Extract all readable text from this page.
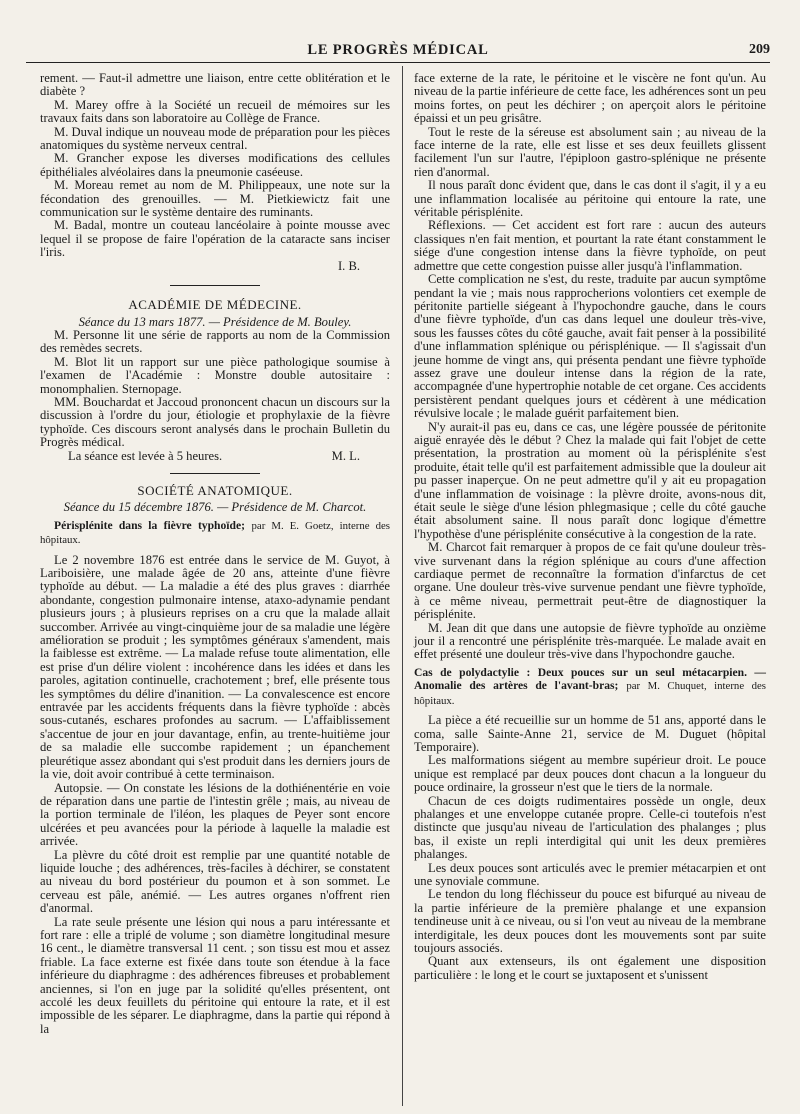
LE PROGRÈS MÉDICAL	209

rement. — Faut-il admettre une liaison, entre cette oblitération et le diabète ?

M. Marey offre à la Société un recueil de mémoires sur les travaux faits dans son laboratoire au Collège de France.

M. Duval indique un nouveau mode de préparation pour les pièces anatomiques du système nerveux central.

M. Grancher expose les diverses modifications des cellules épithéliales alvéolaires dans la pneumonie caséeuse.

M. Moreau remet au nom de M. Philippeaux, une note sur la fécondation des grenouilles. — M. Pietkiewictz fait une communication sur le système dentaire des ruminants.

M. Badal, montre un couteau lancéolaire à pointe mousse avec lequel il se propose de faire l'opération de la cataracte sans inciser l'iris.

I. B.

ACADÉMIE DE MÉDECINE.

Séance du 13 mars 1877. — Présidence de M. Bouley.

M. Personne lit une série de rapports au nom de la Commission des remèdes secrets.

M. Blot lit un rapport sur une pièce pathologique soumise à l'examen de l'Académie : Monstre double autositaire : monomphalien. Sternopage.

MM. Bouchardat et Jaccoud prononcent chacun un discours sur la discussion à l'ordre du jour, étiologie et prophylaxie de la fièvre typhoïde. Ces discours seront analysés dans le prochain Bulletin du Progrès médical.

La séance est levée à 5 heures.	M. L.

SOCIÉTÉ ANATOMIQUE.

Séance du 15 décembre 1876. — Présidence de M. Charcot.

Périsplénite dans la fièvre typhoïde; par M. E. Goetz, interne des hôpitaux.

Le 2 novembre 1876 est entrée dans le service de M. Guyot, à Lariboisière, une malade âgée de 20 ans, atteinte d'une fièvre typhoïde au début. — La maladie a été des plus graves : diarrhée abondante, congestion pulmonaire intense, ataxo-adynamie pendant plusieurs jours ; à plusieurs reprises on a cru que la malade allait succomber. Arrivée au vingt-cinquième jour de sa maladie une légère amélioration se produit ; les symptômes généraux s'amendent, mais la faiblesse est extrême. — La malade refuse toute alimentation, elle est prise d'un délire violent : incohérence dans les idées et dans les paroles, agitation continuelle, crachotement ; bref, elle présente tous les symptômes du délire d'inanition. — La convalescence est encore entravée par les accidents fréquents dans la fièvre typhoïde : abcès sous-cutanés, eschares profondes au sacrum. — L'affaiblissement s'accentue de jour en jour davantage, enfin, au trente-huitième jour de sa maladie elle succombe rapidement ; un épanchement pleurétique assez abondant qui s'est produit dans les derniers jours de la vie, doit avoir contribué à cette terminaison.

Autopsie. — On constate les lésions de la dothiénentérie en voie de réparation dans une partie de l'intestin grêle ; mais, au niveau de la portion terminale de l'iléon, les plaques de Peyer sont encore ulcérées et peu avancées pour la période à laquelle la maladie est arrivée.

La plèvre du côté droit est remplie par une quantité notable de liquide louche ; des adhérences, très-faciles à déchirer, se constatent au niveau du bord postérieur du poumon et à son sommet. Le cerveau est pâle, anémié. — Les autres organes n'offrent rien d'anormal.

La rate seule présente une lésion qui nous a paru intéressante et fort rare : elle a triplé de volume ; son diamètre longitudinal mesure 16 cent., le diamètre transversal 11 cent. ; son tissu est mou et assez friable. La face externe est fixée dans toute son étendue à la face inférieure du diaphragme : des adhérences fibreuses et probablement anciennes, si l'on en juge par la solidité qu'elles présentent, ont accolé les deux feuillets du péritoine qui entoure la rate, et il est impossible de les séparer. Le diaphragme, dans la partie qui répond à la

face externe de la rate, le péritoine et le viscère ne font qu'un. Au niveau de la partie inférieure de cette face, les adhérences sont un peu moins fortes, on peut les déchirer ; on aperçoit alors le péritoine épaissi et un peu grisâtre.

Tout le reste de la séreuse est absolument sain ; au niveau de la face interne de la rate, elle est lisse et ses deux feuillets glissent facilement l'un sur l'autre, l'épiploon gastro-splénique ne présente rien d'anormal.

Il nous paraît donc évident que, dans le cas dont il s'agit, il y a eu une inflammation localisée au péritoine qui entoure la rate, une véritable périsplénite.

Réflexions. — Cet accident est fort rare : aucun des auteurs classiques n'en fait mention, et pourtant la rate étant constamment le siége d'une congestion intense dans la fièvre typhoïde, on peut admettre que cette congestion puisse aller jusqu'à l'inflammation.

Cette complication ne s'est, du reste, traduite par aucun symptôme pendant la vie ; mais nous rapprocherions volontiers cet exemple de péritonite partielle siégeant à l'hypochondre gauche, dans le cours d'une fièvre typhoïde, d'un cas dans lequel une douleur très-vive, sous les fausses côtes du côté gauche, avait fait penser à la possibilité d'une inflammation splénique ou périsplénique. — Il s'agissait d'un jeune homme de vingt ans, qui présenta pendant une fièvre typhoïde assez grave une douleur intense dans la région de la rate, accompagnée d'une hypertrophie notable de cet organe. Ces accidents persistèrent pendant quelques jours et cédèrent à une médication révulsive locale ; le malade guérit parfaitement bien.

N'y aurait-il pas eu, dans ce cas, une légère poussée de péritonite aiguë enrayée dès le début ? Chez la malade qui fait l'objet de cette présentation, la prostration au moment où la périsplénite s'est produite, était telle qu'il est parfaitement admissible que la douleur ait pu passer inaperçue. On ne peut admettre qu'il y ait eu propagation d'une inflammation de voisinage : la plèvre droite, avons-nous dit, était seule le siège d'une lésion phlegmasique ; celle du côté gauche était absolument saine. Il nous paraît donc logique d'émettre l'hypothèse d'une périsplénite consécutive à la congestion de la rate.

M. Charcot fait remarquer à propos de ce fait qu'une douleur très-vive survenant dans la région splénique au cours d'une affection cardiaque permet de reconnaître la formation d'infarctus de cet organe. Une douleur très-vive survenue pendant une fièvre typhoïde, à ce même niveau, permettrait peut-être de diagnostiquer la périsplénite.

M. Jean dit que dans une autopsie de fièvre typhoïde au onzième jour il a rencontré une périsplénite très-marquée. Le malade avait en effet présenté une douleur très-vive dans l'hypochondre gauche.

Cas de polydactylie : Deux pouces sur un seul métacarpien. — Anomalie des artères de l'avant-bras; par M. Chuquet, interne des hôpitaux.

La pièce a été recueillie sur un homme de 51 ans, apporté dans le coma, salle Sainte-Anne 21, service de M. Duguet (hôpital Temporaire).

Les malformations siégent au membre supérieur droit. Le pouce unique est remplacé par deux pouces dont chacun a la longueur du pouce ordinaire, la grosseur n'est que le tiers de la normale.

Chacun de ces doigts rudimentaires possède un ongle, deux phalanges et une enveloppe cutanée propre. Celle-ci toutefois n'est distincte que jusqu'au niveau de l'articulation des phalanges ; plus bas, il existe un repli interdigital qui unit les deux premières phalanges.

Les deux pouces sont articulés avec le premier métacarpien et ont une synoviale commune.

Le tendon du long fléchisseur du pouce est bifurqué au niveau de la partie inférieure de la première phalange et une expansion tendineuse unit à ce niveau, ou si l'on veut au niveau de la membrane interdigitale, les deux pouces dont les mouvements sont par suite toujours associés.

Quant aux extenseurs, ils ont également une disposition particulière : le long et le court se juxtaposent et s'unissent
